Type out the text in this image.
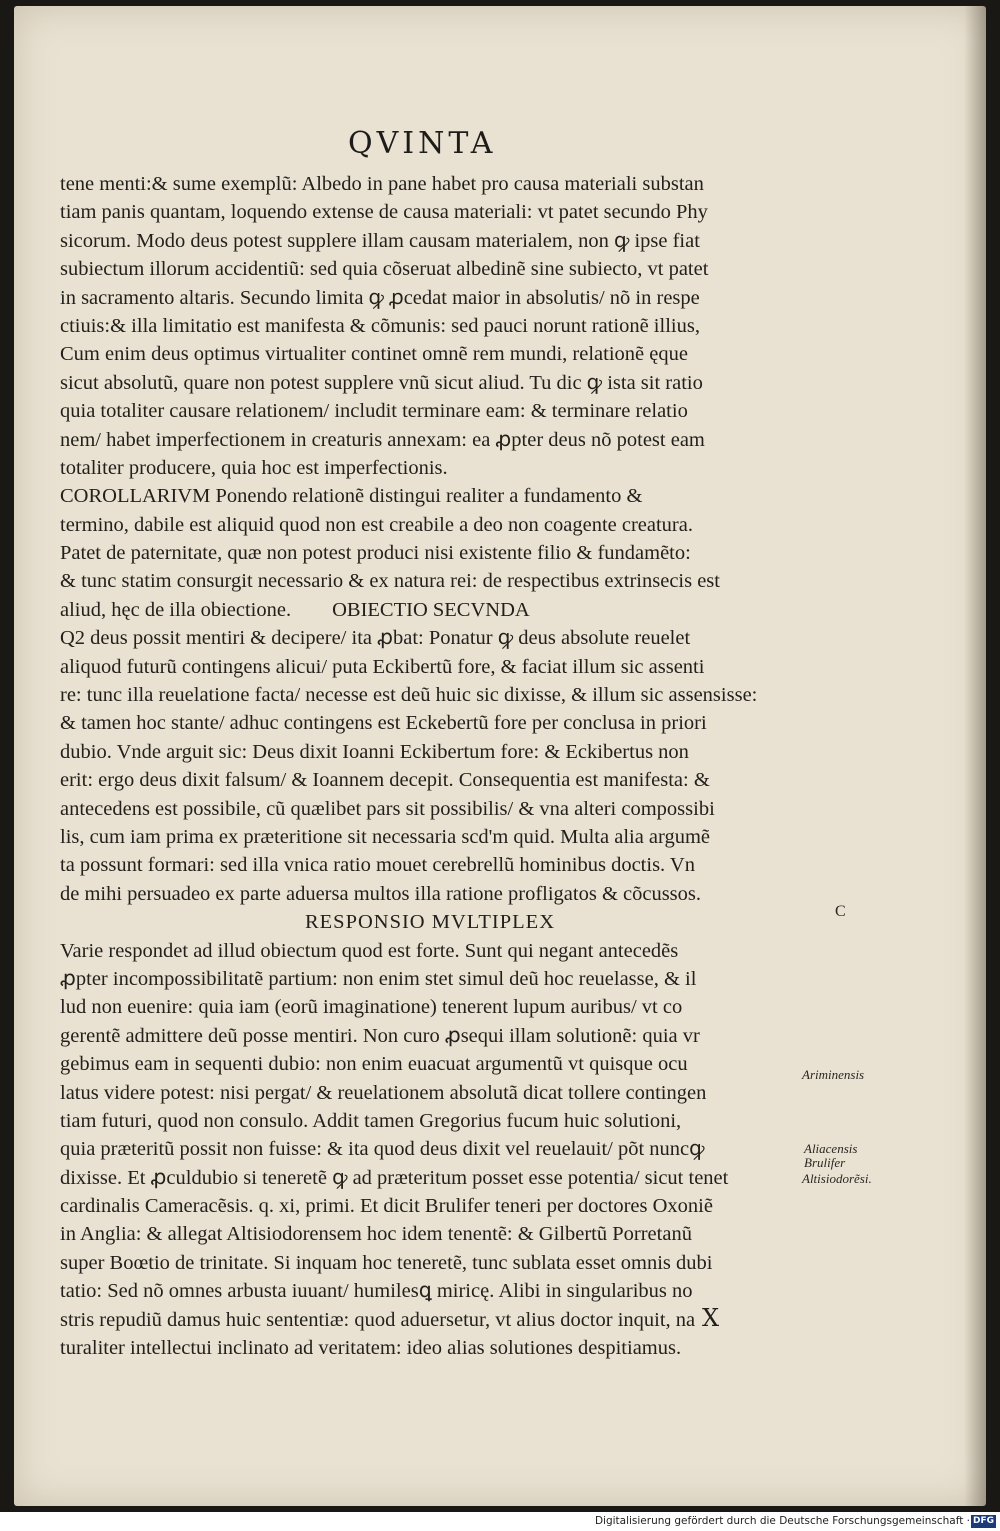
QVINTA
tene menti:& sume exemplũ: Albedo in pane habet pro causa materiali substan
tiam panis quantam, loquendo extense de causa materiali: vt patet secundo Phy
sicorum. Modo deus potest supplere illam causam materialem, non ꝙ ipse fiat
subiectum illorum accidentiũ: sed quia cõseruat albedinẽ sine subiecto, vt patet
in sacramento altaris. Secundo limita ꝙ ꝓcedat maior in absolutis/ nõ in respe
ctiuis:& illa limitatio est manifesta & cõmunis: sed pauci norunt rationẽ illius,
Cum enim deus optimus virtualiter continet omnẽ rem mundi, relationẽ ęque
sicut absolutũ, quare non potest supplere vnũ sicut aliud. Tu dic ꝙ ista sit ratio
quia totaliter causare relationem/ includit terminare eam: & terminare relatio
nem/ habet imperfectionem in creaturis annexam: ea ꝓpter deus nõ potest eam
totaliter producere, quia hoc est imperfectionis.
COROLLARIVM Ponendo relationẽ distingui realiter a fundamento &
termino, dabile est aliquid quod non est creabile a deo non coagente creatura.
Patet de paternitate, quæ non potest produci nisi existente filio & fundamẽto:
& tunc statim consurgit necessario & ex natura rei: de respectibus extrinsecis est
aliud, hęc de illa obiectione.        OBIECTIO SECVNDA
Q2 deus possit mentiri & decipere/ ita ꝓbat: Ponatur ꝙ deus absolute reuelet
aliquod futurũ contingens alicui/ puta Eckibertũ fore, & faciat illum sic assenti
re: tunc illa reuelatione facta/ necesse est deũ huic sic dixisse, & illum sic assensisse:
& tamen hoc stante/ adhuc contingens est Eckebertũ fore per conclusa in priori
dubio. Vnde arguit sic: Deus dixit Ioanni Eckibertum fore: & Eckibertus non
erit: ergo deus dixit falsum/ & Ioannem decepit. Consequentia est manifesta: &
antecedens est possibile, cũ quælibet pars sit possibilis/ & vna alteri compossibi
lis, cum iam prima ex præteritione sit necessaria scd'm quid. Multa alia argumẽ
ta possunt formari: sed illa vnica ratio mouet cerebrellũ hominibus doctis. Vn
de mihi persuadeo ex parte aduersa multos illa ratione profligatos & cõcussos.
RESPONSIO MVLTIPLEX
Varie respondet ad illud obiectum quod est forte. Sunt qui negant antecedẽs
ꝓpter incompossibilitatẽ partium: non enim stet simul deũ hoc reuelasse, & il
lud non euenire: quia iam (eorũ imaginatione) tenerent lupum auribus/ vt co
gerentẽ admittere deũ posse mentiri. Non curo ꝓsequi illam solutionẽ: quia vr
gebimus eam in sequenti dubio: non enim euacuat argumentũ vt quisque ocu
latus videre potest: nisi pergat/ & reuelationem absolutã dicat tollere contingen
tiam futuri, quod non consulo. Addit tamen Gregorius fucum huic solutioni,
quia præteritũ possit non fuisse: & ita quod deus dixit vel reuelauit/ põt nuncꝙ
dixisse. Et ꝓculdubio si teneretẽ ꝙ ad præteritum posset esse potentia/ sicut tenet
cardinalis Cameracẽsis. q. xi, primi. Et dicit Brulifer teneri per doctores Oxoniẽ
in Anglia: & allegat Altisiodorensem hoc idem tenentẽ: & Gilbertũ Porretanũ
super Boœtio de trinitate. Si inquam hoc teneretẽ, tunc sublata esset omnis dubi
tatio: Sed nõ omnes arbusta iuuant/ humilesꝗ miricę. Alibi in singularibus no
stris repudiũ damus huic sententiæ: quod aduersetur, vt alius doctor inquit, na
turaliter intellectui inclinato ad veritatem: ideo alias solutiones despitiamus.
C
Ariminensis
Aliacensis
Brulifer
Altisiodorẽsi.
X
Digitalisierung gefördert durch die Deutsche Forschungsgemeinschaft · DFG
